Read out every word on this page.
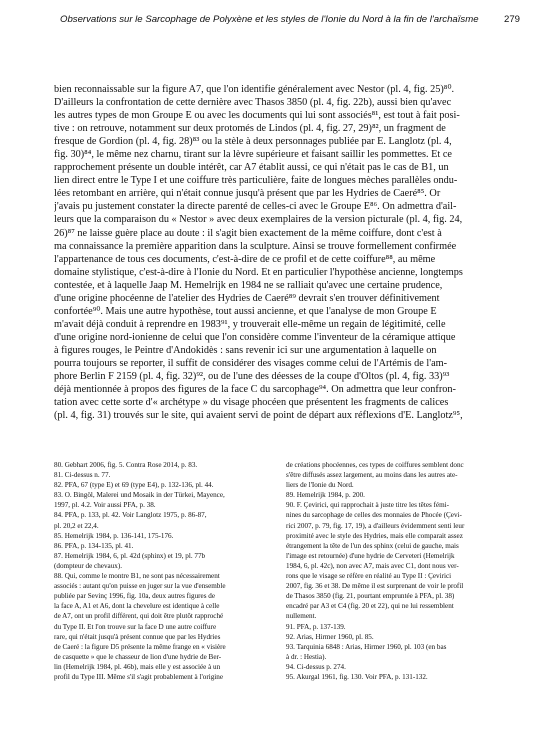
Observations sur le Sarcophage de Polyxène et les styles de l'Ionie du Nord à la fin de l'archaïsme	279
bien reconnaissable sur la figure A7, que l'on identifie généralement avec Nestor (pl. 4, fig. 25)⁸⁰.
D'ailleurs la confrontation de cette dernière avec Thasos 3850 (pl. 4, fig. 22b), aussi bien qu'avec
les autres types de mon Groupe E ou avec les documents qui lui sont associés⁸¹, est tout à fait posi-
tive : on retrouve, notamment sur deux protomés de Lindos (pl. 4, fig. 27, 29)⁸², un fragment de
fresque de Gordion (pl. 4, fig. 28)⁸³ ou la stèle à deux personnages publiée par E. Langlotz (pl. 4,
fig. 30)⁸⁴, le même nez charnu, tirant sur la lèvre supérieure et faisant saillir les pommettes. Et ce
rapprochement présente un double intérêt, car A7 établit aussi, ce qui n'était pas le cas de B1, un
lien direct entre le Type I et une coiffure très particulière, faite de longues mèches parallèles ondu-
lées retombant en arrière, qui n'était connue jusqu'à présent que par les Hydries de Caeré⁸⁵. Or
j'avais pu justement constater la directe parenté de celles-ci avec le Groupe E⁸⁶. On admettra d'ail-
leurs que la comparaison du « Nestor » avec deux exemplaires de la version picturale (pl. 4, fig. 24,
26)⁸⁷ ne laisse guère place au doute : il s'agit bien exactement de la même coiffure, dont c'est à
ma connaissance la première apparition dans la sculpture. Ainsi se trouve formellement confirmée
l'appartenance de tous ces documents, c'est-à-dire de ce profil et de cette coiffure⁸⁸, au même
domaine stylistique, c'est-à-dire à l'Ionie du Nord. Et en particulier l'hypothèse ancienne, longtemps
contestée, et à laquelle Jaap M. Hemelrijk en 1984 ne se ralliait qu'avec une certaine prudence,
d'une origine phocéenne de l'atelier des Hydries de Caeré⁸⁹ devrait s'en trouver définitivement
confortée⁹⁰. Mais une autre hypothèse, tout aussi ancienne, et que l'analyse de mon Groupe E
m'avait déjà conduit à reprendre en 1983⁹¹, y trouverait elle-même un regain de légitimité, celle
d'une origine nord-ionienne de celui que l'on considère comme l'inventeur de la céramique attique
à figures rouges, le Peintre d'Andokidès : sans revenir ici sur une argumentation à laquelle on
pourra toujours se reporter, il suffit de considérer des visages comme celui de l'Artémis de l'am-
phore Berlin F 2159 (pl. 4, fig. 32)⁹², ou de l'une des déesses de la coupe d'Oltos (pl. 4, fig. 33)⁹³
déjà mentionnée à propos des figures de la face C du sarcophage⁹⁴. On admettra que leur confron-
tation avec cette sorte d'« archétype » du visage phocéen que présentent les fragments de calices
(pl. 4, fig. 31) trouvés sur le site, qui avaient servi de point de départ aux réflexions d'E. Langlotz⁹⁵,
80. Gebhart 2006, fig. 5. Contra Rose 2014, p. 83.
81. Ci-dessus n. 77.
82. PFA, 67 (type E) et 69 (type E4), p. 132-136, pl. 44.
83. O. Bingöl, Malerei und Mosaik in der Türkei, Mayence,
1997, pl. 4.2. Voir aussi PFA, p. 38.
84. PFA, p. 133, pl. 42. Voir Langlotz 1975, p. 86-87,
pl. 20,2 et 22,4.
85. Hemelrijk 1984, p. 136-141, 175-176.
86. PFA, p. 134-135, pl. 41.
87. Hemelrijk 1984, 6, pl. 42d (sphinx) et 19, pl. 77b
(dompteur de chevaux).
88. Qui, comme le montre B1, ne sont pas nécessairement
associés : autant qu'on puisse en juger sur la vue d'ensemble
publiée par Sevinç 1996, fig. 10a, deux autres figures de
la face A, A1 et A6, dont la chevelure est identique à celle
de A7, ont un profil différent, qui doit être plutôt rapproché
du Type II. Et l'on trouve sur la face D une autre coiffure
rare, qui n'était jusqu'à présent connue que par les Hydries
de Caeré : la figure D5 présente la même frange en « visière
de casquette » que le chasseur de lion d'une hydrie de Ber-
lin (Hemelrijk 1984, pl. 46b), mais elle y est associée à un
profil du Type III. Même s'il s'agit probablement à l'origine
de créations phocéennes, ces types de coiffures semblent donc
s'être diffusés assez largement, au moins dans les autres ate-
liers de l'Ionie du Nord.
89. Hemelrijk 1984, p. 200.
90. F. Çevirici, qui rapprochait à juste titre les têtes fémi-
nines du sarcophage de celles des monnaies de Phocée (Çevi-
rici 2007, p. 79, fig. 17, 19), a d'ailleurs évidemment senti leur
proximité avec le style des Hydries, mais elle comparait assez
étrangement la tête de l'un des sphinx (celui de gauche, mais
l'image est retournée) d'une hydrie de Cerveteri (Hemelrijk
1984, 6, pl. 42c), non avec A7, mais avec C1, dont nous ver-
rons que le visage se réfère en réalité au Type II : Çevirici
2007, fig. 36 et 38. De même il est surprenant de voir le profil
de Thasos 3850 (fig. 21, pourtant empruntée à PFA, pl. 38)
encadré par A3 et C4 (fig. 20 et 22), qui ne lui ressemblent
nullement.
91. PFA, p. 137-139.
92. Arias, Hirmer 1960, pl. 85.
93. Tarquinia 6848 : Arias, Hirmer 1960, pl. 103 (en bas
à dr. : Hestia).
94. Ci-dessus p. 274.
95. Akurgal 1961, fig. 130. Voir PFA, p. 131-132.
